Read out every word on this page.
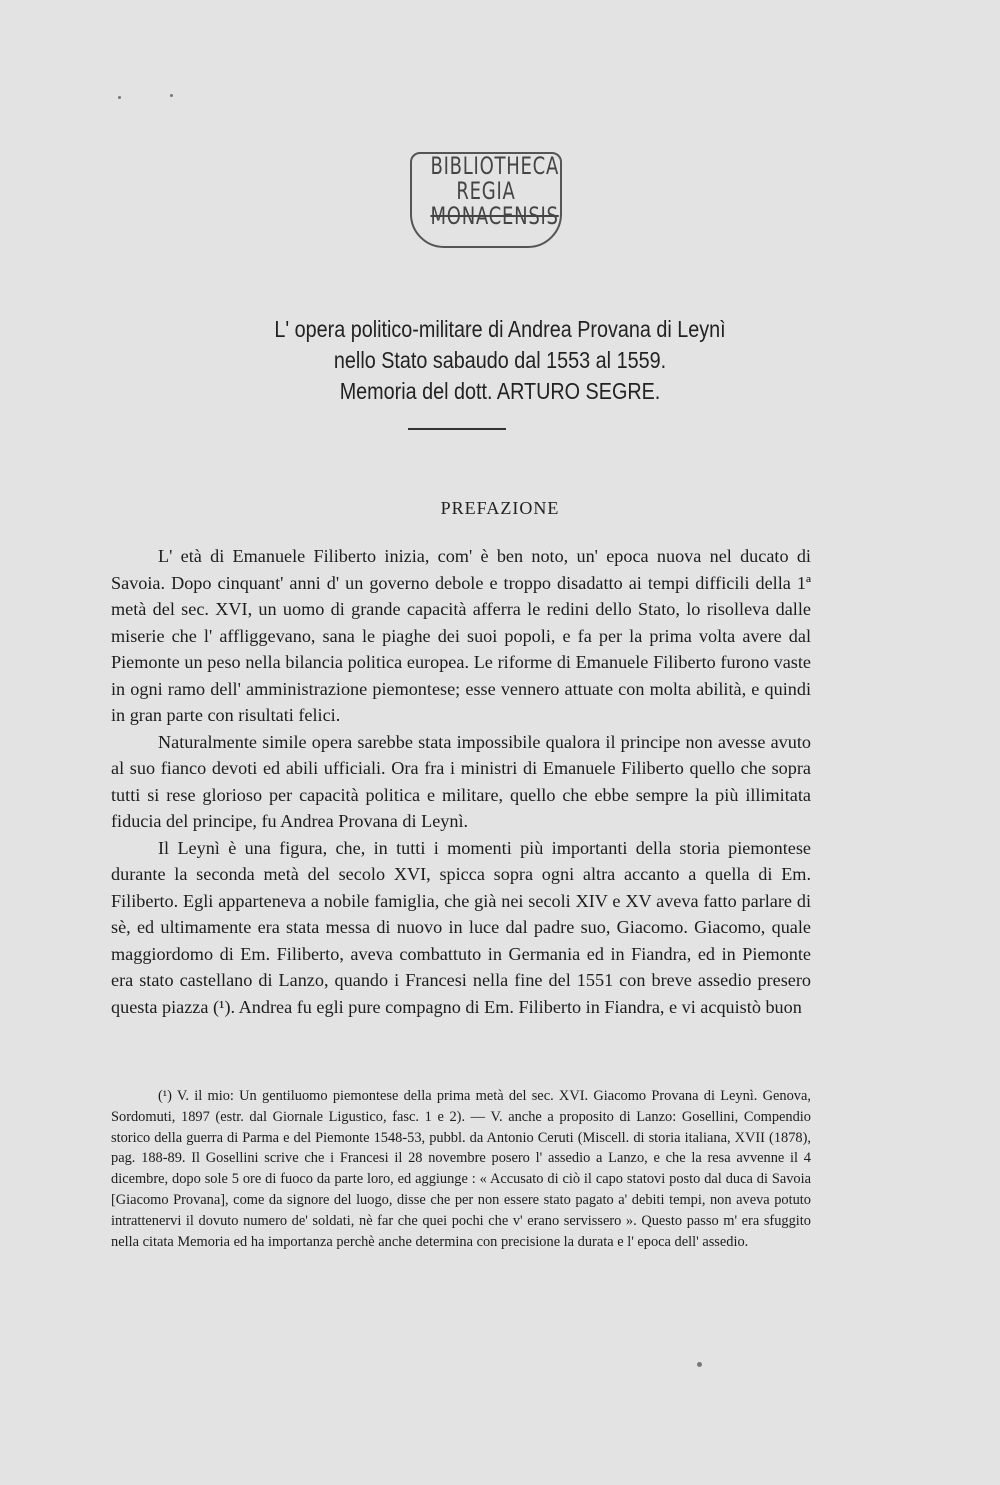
BIBLIOTHECA
REGIA
MONACENSIS
L' opera politico-militare di Andrea Provana di Leynì
nello Stato sabaudo dal 1553 al 1559.
Memoria del dott. ARTURO SEGRE.
PREFAZIONE

L' età di Emanuele Filiberto inizia, com' è ben noto, un' epoca nuova nel ducato di Savoia. Dopo cinquant' anni d' un governo debole e troppo disadatto ai tempi difficili della 1ª metà del sec. XVI, un uomo di grande capacità afferra le redini dello Stato, lo risolleva dalle miserie che l' affliggevano, sana le piaghe dei suoi popoli, e fa per la prima volta avere dal Piemonte un peso nella bilancia politica europea. Le riforme di Emanuele Filiberto furono vaste in ogni ramo dell' amministrazione piemontese; esse vennero attuate con molta abilità, e quindi in gran parte con risultati felici.

Naturalmente simile opera sarebbe stata impossibile qualora il principe non avesse avuto al suo fianco devoti ed abili ufficiali. Ora fra i ministri di Emanuele Filiberto quello che sopra tutti si rese glorioso per capacità politica e militare, quello che ebbe sempre la più illimitata fiducia del principe, fu Andrea Provana di Leynì.

Il Leynì è una figura, che, in tutti i momenti più importanti della storia piemontese durante la seconda metà del secolo XVI, spicca sopra ogni altra accanto a quella di Em. Filiberto. Egli apparteneva a nobile famiglia, che già nei secoli XIV e XV aveva fatto parlare di sè, ed ultimamente era stata messa di nuovo in luce dal padre suo, Giacomo. Giacomo, quale maggiordomo di Em. Filiberto, aveva combattuto in Germania ed in Fiandra, ed in Piemonte era stato castellano di Lanzo, quando i Francesi nella fine del 1551 con breve assedio presero questa piazza (¹). Andrea fu egli pure compagno di Em. Filiberto in Fiandra, e vi acquistò buon

(¹) V. il mio: Un gentiluomo piemontese della prima metà del sec. XVI. Giacomo Provana di Leynì. Genova, Sordomuti, 1897 (estr. dal Giornale Ligustico, fasc. 1 e 2). — V. anche a proposito di Lanzo: Gosellini, Compendio storico della guerra di Parma e del Piemonte 1548-53, pubbl. da Antonio Ceruti (Miscell. di storia italiana, XVII (1878), pag. 188-89. Il Gosellini scrive che i Francesi il 28 novembre posero l' assedio a Lanzo, e che la resa avvenne il 4 dicembre, dopo sole 5 ore di fuoco da parte loro, ed aggiunge : « Accusato di ciò il capo statovi posto dal duca di Savoia [Giacomo Provana], come da signore del luogo, disse che per non essere stato pagato a' debiti tempi, non aveva potuto intrattenervi il dovuto numero de' soldati, nè far che quei pochi che v' erano servissero ». Questo passo m' era sfuggito nella citata Memoria ed ha importanza perchè anche determina con precisione la durata e l' epoca dell' assedio.
